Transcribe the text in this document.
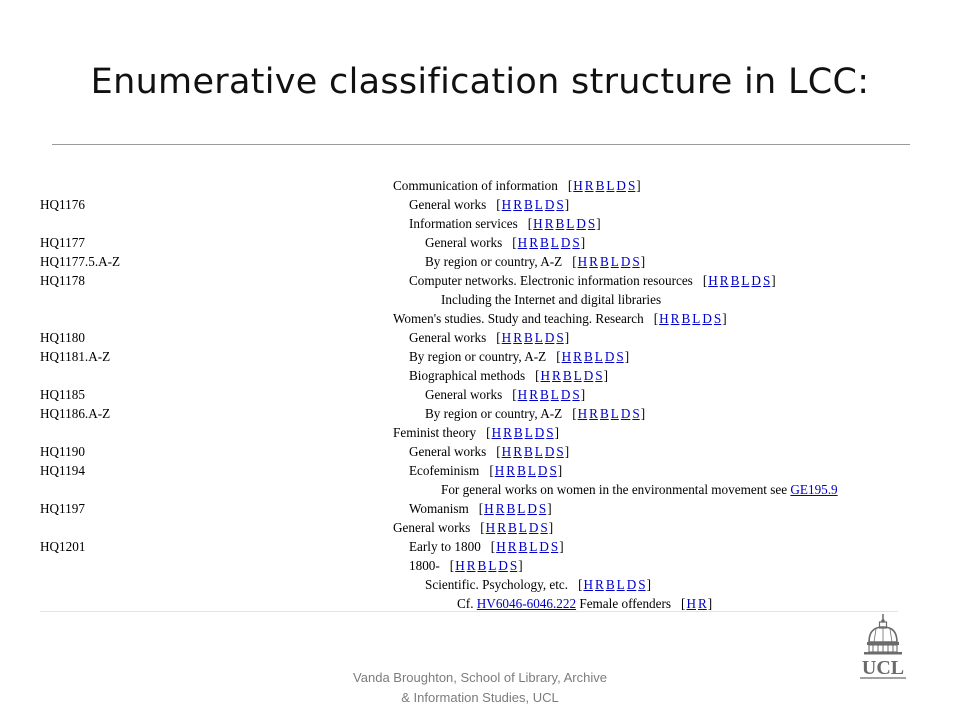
Enumerative classification structure in LCC:
Communication of information [H R B L D S]
HQ1176	General works [H R B L D S]
Information services [H R B L D S]
HQ1177	General works [H R B L D S]
HQ1177.5.A-Z	By region or country, A-Z [H R B L D S]
HQ1178	Computer networks. Electronic information resources [H R B L D S]
Including the Internet and digital libraries
Women's studies. Study and teaching. Research [H R B L D S]
HQ1180	General works [H R B L D S]
HQ1181.A-Z	By region or country, A-Z [H R B L D S]
Biographical methods [H R B L D S]
HQ1185	General works [H R B L D S]
HQ1186.A-Z	By region or country, A-Z [H R B L D S]
Feminist theory [H R B L D S]
HQ1190	General works [H R B L D S]
HQ1194	Ecofeminism [H R B L D S]
For general works on women in the environmental movement see GE195.9
HQ1197	Womanism [H R B L D S]
General works [H R B L D S]
HQ1201	Early to 1800 [H R B L D S]
1800- [H R B L D S]
Scientific. Psychology, etc. [H R B L D S]
Cf. HV6046-6046.222 Female offenders [H R]
Vanda Broughton, School of Library, Archive
& Information Studies, UCL
UCL
